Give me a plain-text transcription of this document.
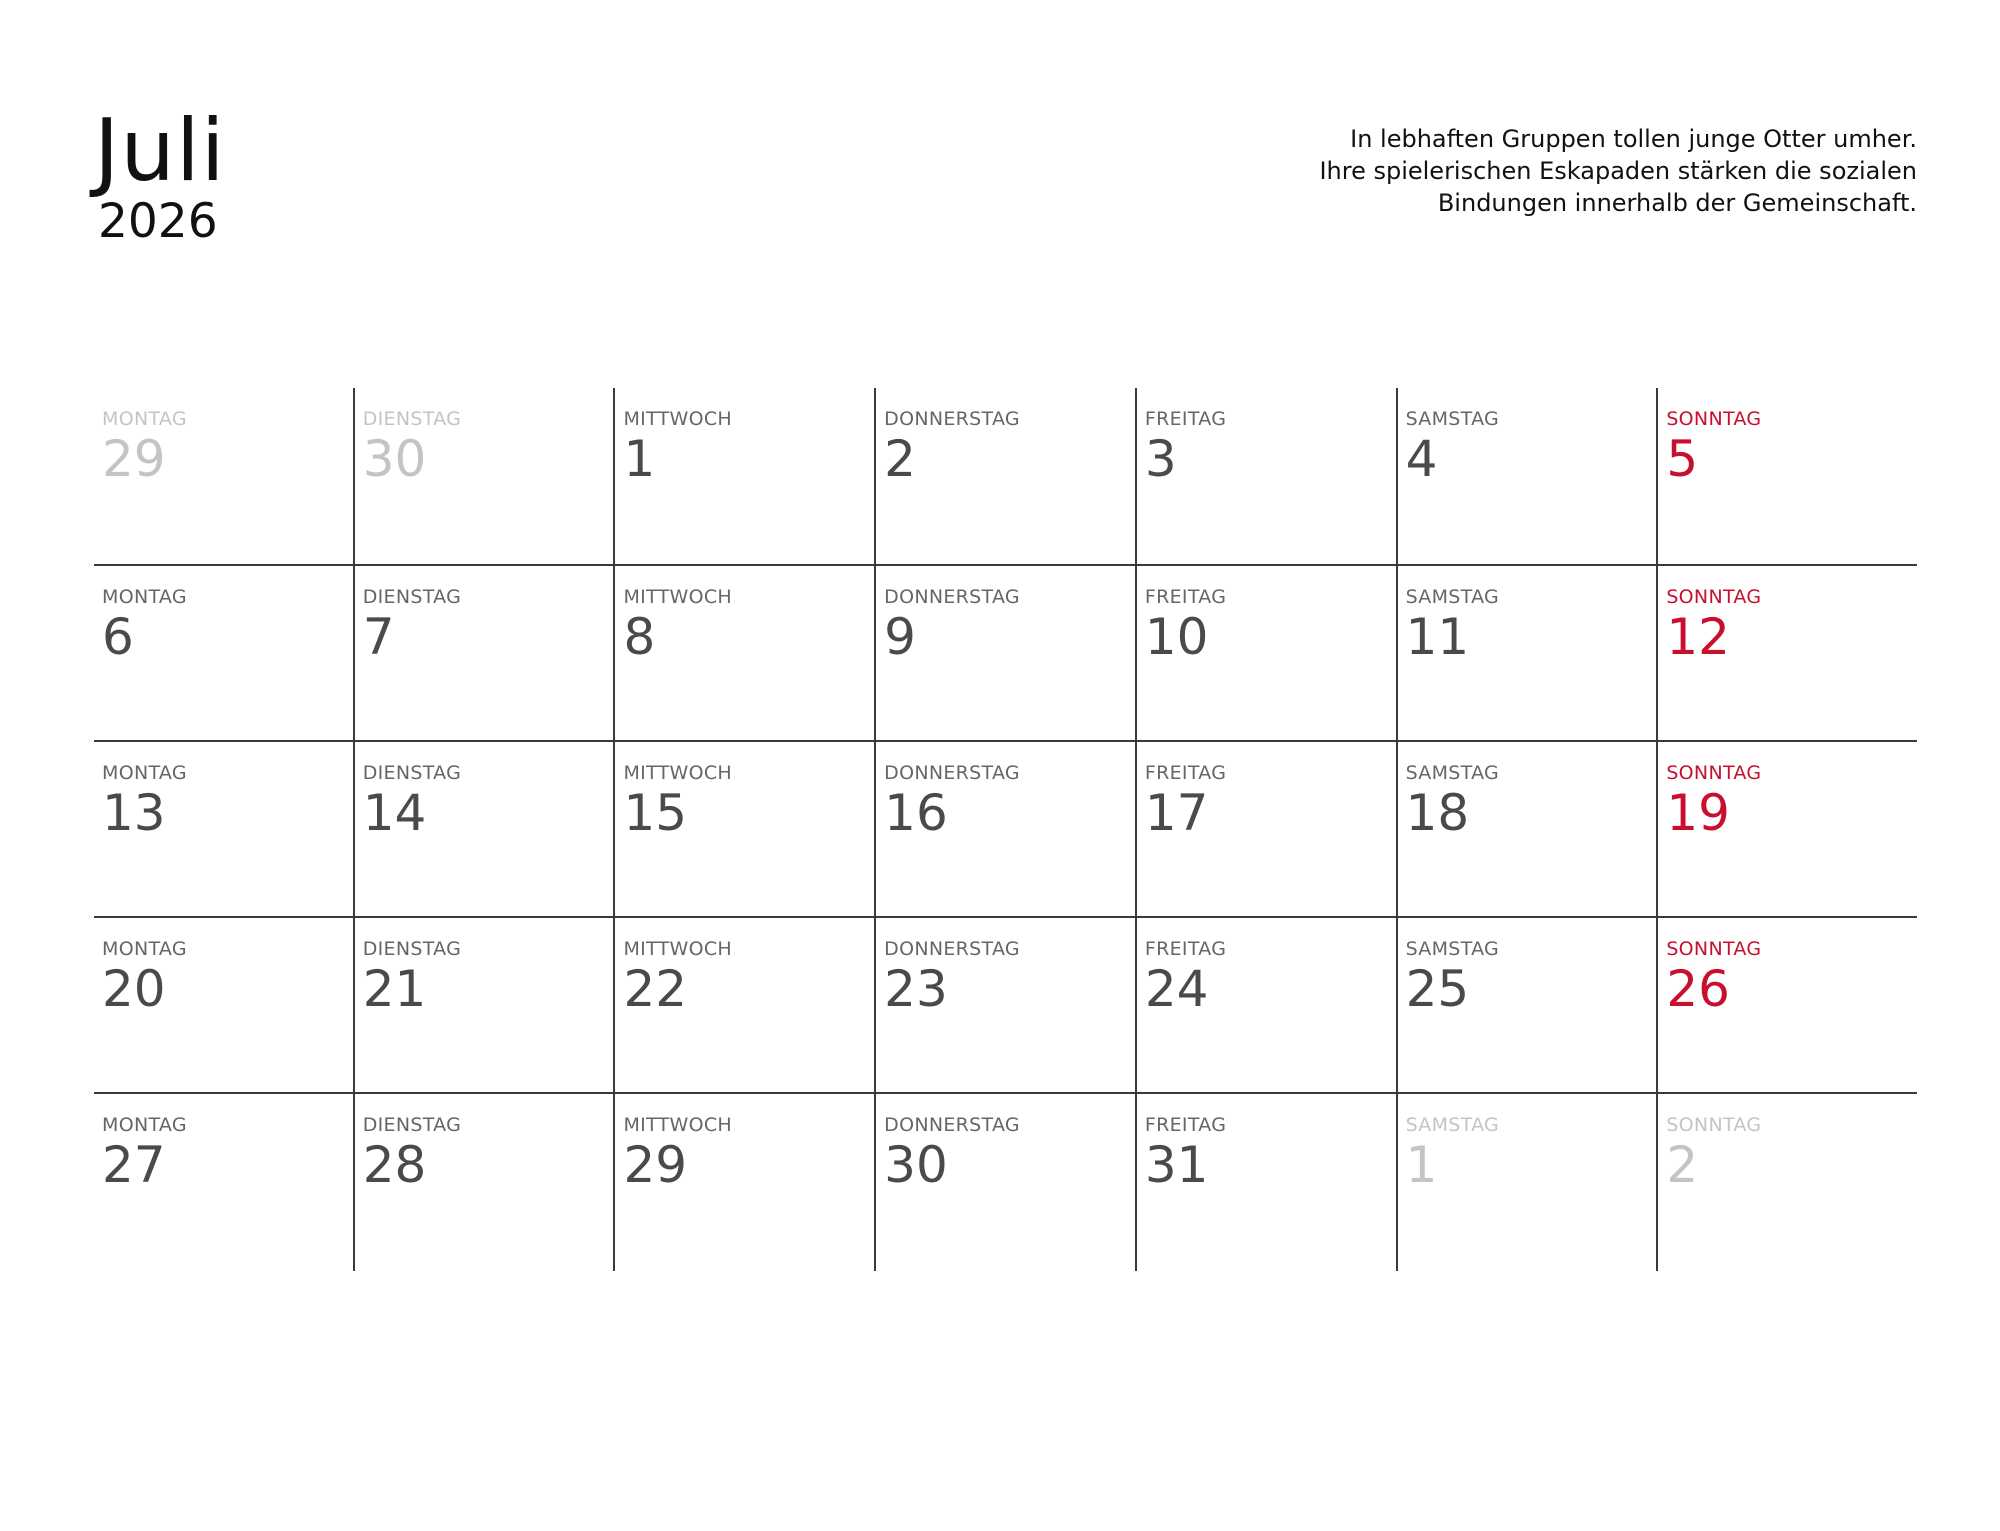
Juli
2026
In lebhaften Gruppen tollen junge Otter umher.
Ihre spielerischen Eskapaden stärken die sozialen
Bindungen innerhalb der Gemeinschaft.
MONTAG
29
DIENSTAG
30
MITTWOCH
1
DONNERSTAG
2
FREITAG
3
SAMSTAG
4
SONNTAG
5
MONTAG
6
DIENSTAG
7
MITTWOCH
8
DONNERSTAG
9
FREITAG
10
SAMSTAG
11
SONNTAG
12
MONTAG
13
DIENSTAG
14
MITTWOCH
15
DONNERSTAG
16
FREITAG
17
SAMSTAG
18
SONNTAG
19
MONTAG
20
DIENSTAG
21
MITTWOCH
22
DONNERSTAG
23
FREITAG
24
SAMSTAG
25
SONNTAG
26
MONTAG
27
DIENSTAG
28
MITTWOCH
29
DONNERSTAG
30
FREITAG
31
SAMSTAG
1
SONNTAG
2
